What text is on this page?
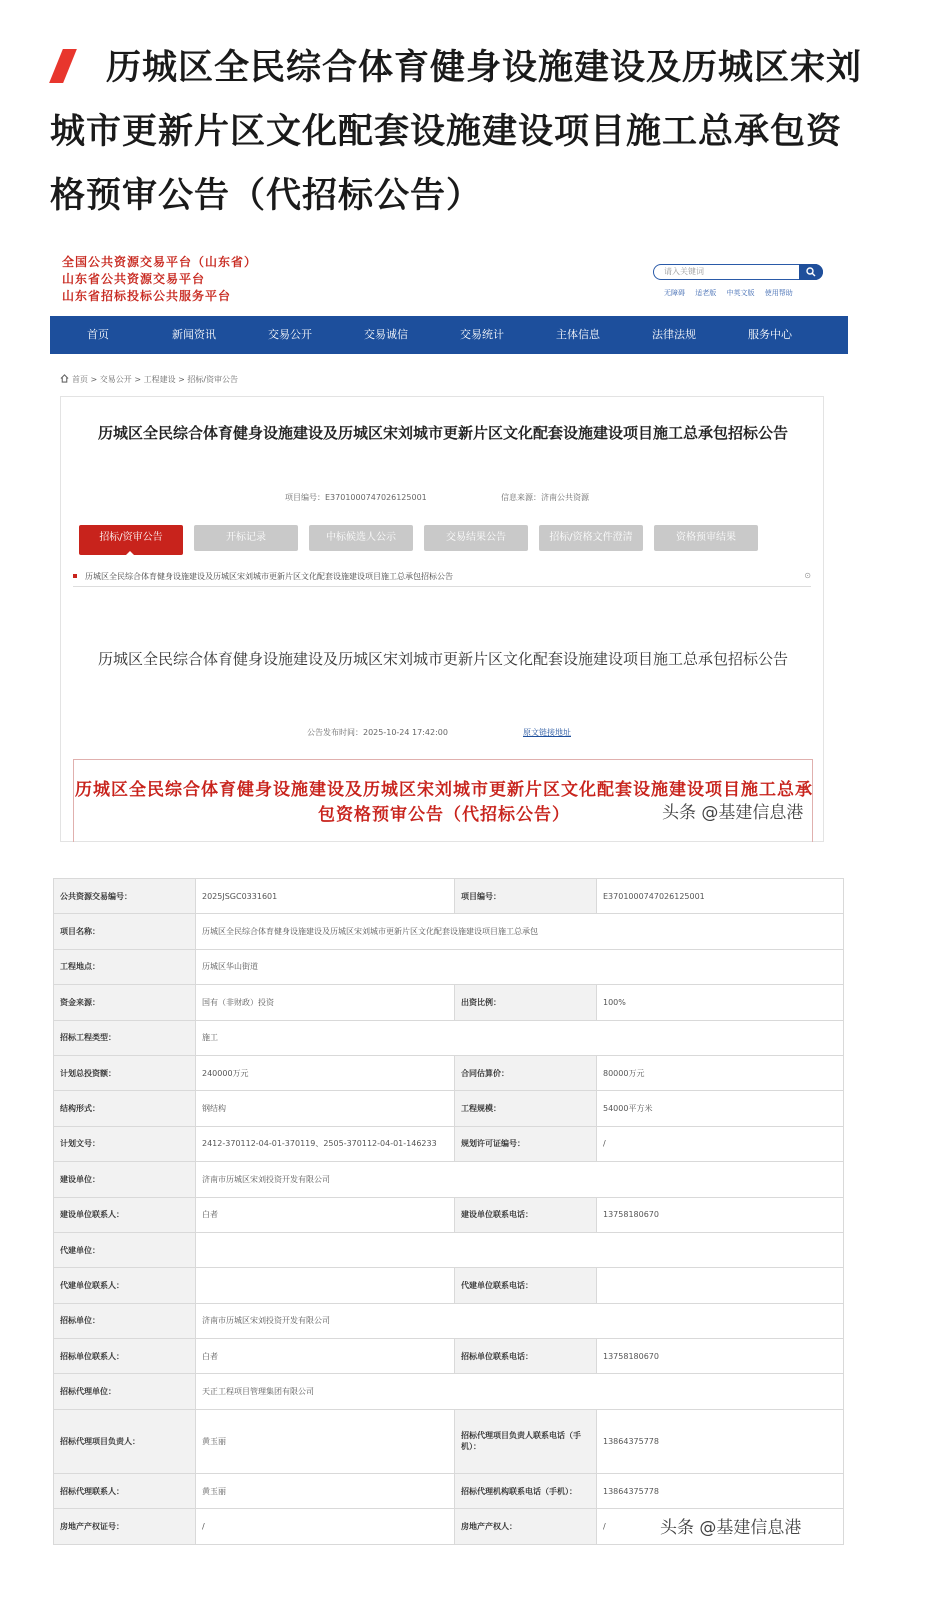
历城区全民综合体育健身设施建设及历城区宋刘城市更新片区文化配套设施建设项目施工总承包资格预审公告（代招标公告）
全国公共资源交易平台（山东省）
山东省公共资源交易平台
山东省招标投标公共服务平台
请入关键词
无障碍 适老版 中英文版 使用帮助
首页	新闻资讯	交易公开	交易诚信	交易统计	主体信息	法律法规	服务中心
首页 > 交易公开 > 工程建设 > 招标/资审公告
历城区全民综合体育健身设施建设及历城区宋刘城市更新片区文化配套设施建设项目施工总承包招标公告
项目编号：E3701000747026125001	信息来源：济南公共资源
招标/资审公告	开标记录	中标候选人公示	交易结果公告	招标/资格文件澄清	资格预审结果
历城区全民综合体育健身设施建设及历城区宋刘城市更新片区文化配套设施建设项目施工总承包招标公告	⊙
历城区全民综合体育健身设施建设及历城区宋刘城市更新片区文化配套设施建设项目施工总承包招标公告
公告发布时间：2025-10-24 17:42:00	原文链接地址
历城区全民综合体育健身设施建设及历城区宋刘城市更新片区文化配套设施建设项目施工总承包资格预审公告（代招标公告）	头条 @基建信息港
公共资源交易编号：	2025JSGC0331601	项目编号：	E3701000747026125001
项目名称：	历城区全民综合体育健身设施建设及历城区宋刘城市更新片区文化配套设施建设项目施工总承包		
工程地点：	历城区华山街道		
资金来源：	国有（非财政）投资	出资比例：	100%
招标工程类型：	施工		
计划总投资额：	240000万元	合同估算价：	80000万元
结构形式：	钢结构	工程规模：	54000平方米
计划文号：	2412-370112-04-01-370119、2505-370112-04-01-146233	规划许可证编号：	/
建设单位：	济南市历城区宋刘投资开发有限公司		
建设单位联系人：	白者	建设单位联系电话：	13758180670
代建单位：			
代建单位联系人：		代建单位联系电话：	
招标单位：	济南市历城区宋刘投资开发有限公司		
招标单位联系人：	白者	招标单位联系电话：	13758180670
招标代理单位：	天正工程项目管理集团有限公司		
招标代理项目负责人：	黄玉丽	招标代理项目负责人联系电话（手机）：	13864375778
招标代理联系人：	黄玉丽	招标代理机构联系电话（手机）：	13864375778
房地产产权证号：	/	房地产产权人：	/	头条 @基建信息港
